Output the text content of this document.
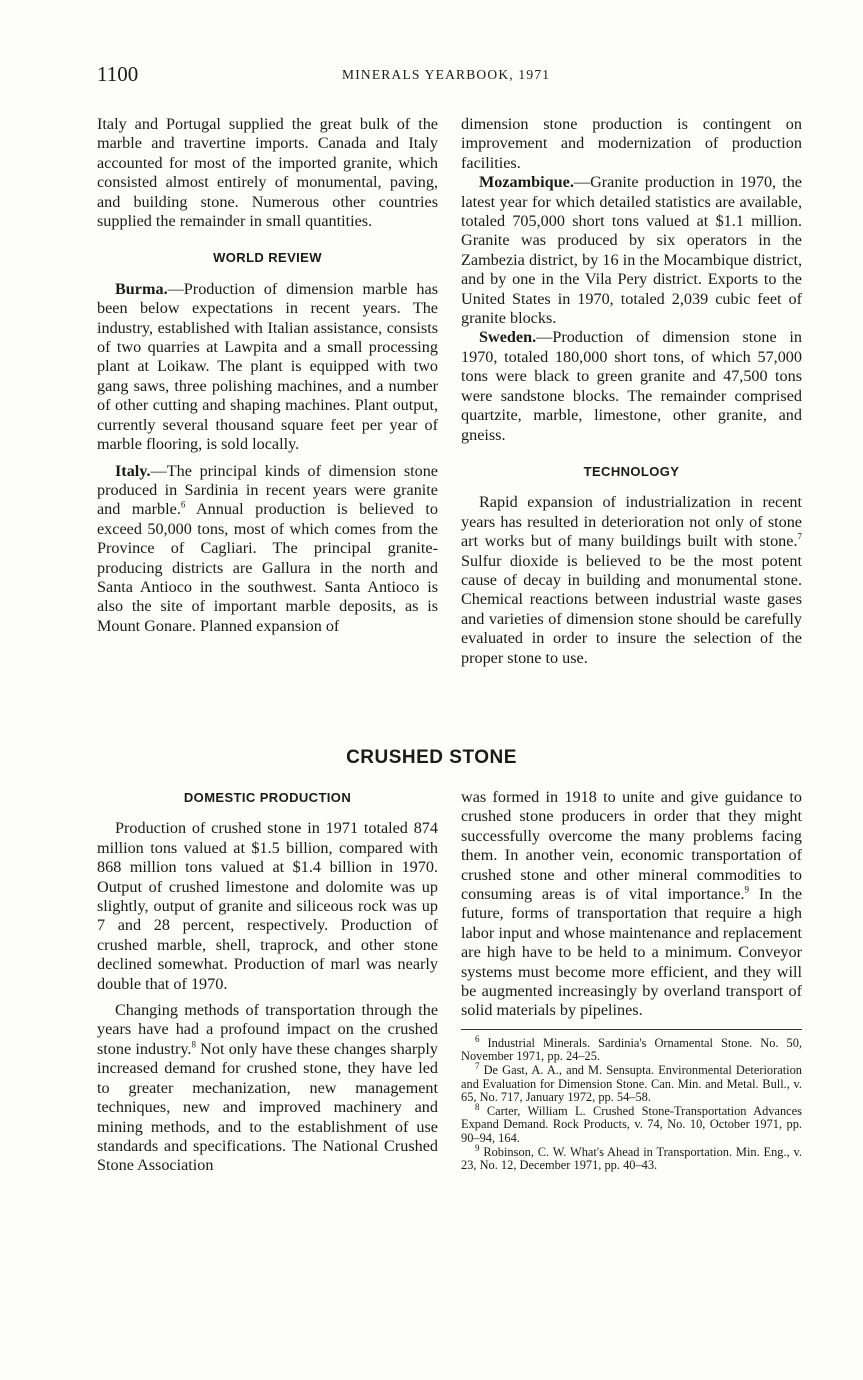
1100	MINERALS YEARBOOK, 1971

Italy and Portugal supplied the great bulk of the marble and travertine imports. Canada and Italy accounted for most of the imported granite, which consisted almost entirely of monumental, paving, and building stone. Numerous other countries supplied the remainder in small quantities.

WORLD REVIEW

Burma.—Production of dimension marble has been below expectations in recent years. The industry, established with Italian assistance, consists of two quarries at Lawpita and a small processing plant at Loikaw. The plant is equipped with two gang saws, three polishing machines, and a number of other cutting and shaping machines. Plant output, currently several thousand square feet per year of marble flooring, is sold locally.

Italy.—The principal kinds of dimension stone produced in Sardinia in recent years were granite and marble.$^6$ Annual production is believed to exceed 50,000 tons, most of which comes from the Province of Cagliari. The principal granite-producing districts are Gallura in the north and Santa Antioco in the southwest. Santa Antioco is also the site of important marble deposits, as is Mount Gonare. Planned expansion of

dimension stone production is contingent on improvement and modernization of production facilities.

Mozambique.—Granite production in 1970, the latest year for which detailed statistics are available, totaled 705,000 short tons valued at $1.1 million. Granite was produced by six operators in the Zambezia district, by 16 in the Mocambique district, and by one in the Vila Pery district. Exports to the United States in 1970, totaled 2,039 cubic feet of granite blocks.

Sweden.—Production of dimension stone in 1970, totaled 180,000 short tons, of which 57,000 tons were black to green granite and 47,500 tons were sandstone blocks. The remainder comprised quartzite, marble, limestone, other granite, and gneiss.

TECHNOLOGY

Rapid expansion of industrialization in recent years has resulted in deterioration not only of stone art works but of many buildings built with stone.$^7$ Sulfur dioxide is believed to be the most potent cause of decay in building and monumental stone. Chemical reactions between industrial waste gases and varieties of dimension stone should be carefully evaluated in order to insure the selection of the proper stone to use.

CRUSHED STONE
DOMESTIC PRODUCTION

Production of crushed stone in 1971 totaled 874 million tons valued at $1.5 billion, compared with 868 million tons valued at $1.4 billion in 1970. Output of crushed limestone and dolomite was up slightly, output of granite and siliceous rock was up 7 and 28 percent, respectively. Production of crushed marble, shell, traprock, and other stone declined somewhat. Production of marl was nearly double that of 1970.

Changing methods of transportation through the years have had a profound impact on the crushed stone industry.$^8$ Not only have these changes sharply increased demand for crushed stone, they have led to greater mechanization, new management techniques, new and improved machinery and mining methods, and to the establishment of use standards and specifications. The National Crushed Stone Association

was formed in 1918 to unite and give guidance to crushed stone producers in order that they might successfully overcome the many problems facing them. In another vein, economic transportation of crushed stone and other mineral commodities to consuming areas is of vital importance.$^9$ In the future, forms of transportation that require a high labor input and whose maintenance and replacement are high have to be held to a minimum. Conveyor systems must become more efficient, and they will be augmented increasingly by overland transport of solid materials by pipelines.

$^6$ Industrial Minerals. Sardinia's Ornamental Stone. No. 50, November 1971, pp. 24–25.

$^7$ De Gast, A. A., and M. Sensupta. Environmental Deterioration and Evaluation for Dimension Stone. Can. Min. and Metal. Bull., v. 65, No. 717, January 1972, pp. 54–58.

$^8$ Carter, William L. Crushed Stone-Transportation Advances Expand Demand. Rock Products, v. 74, No. 10, October 1971, pp. 90–94, 164.

$^9$ Robinson, C. W. What's Ahead in Transportation. Min. Eng., v. 23, No. 12, December 1971, pp. 40–43.
